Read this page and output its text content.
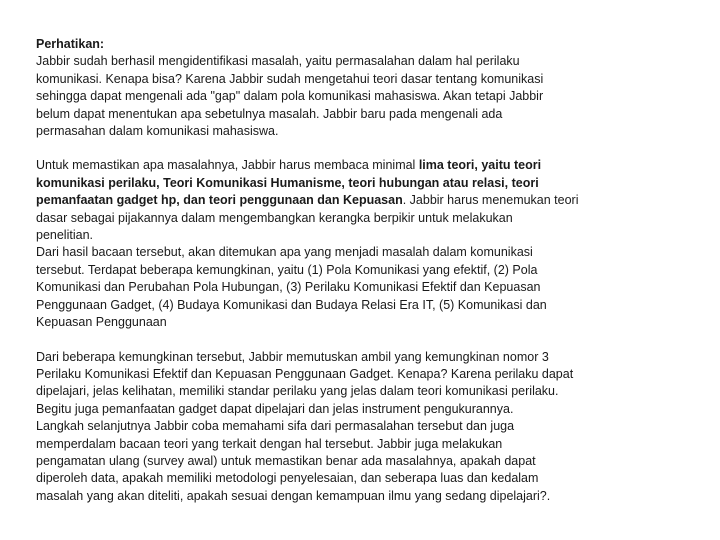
Perhatikan:
Jabbir sudah berhasil mengidentifikasi masalah, yaitu permasalahan dalam hal perilaku
komunikasi. Kenapa bisa? Karena Jabbir sudah mengetahui teori dasar tentang komunikasi
sehingga dapat mengenali ada "gap" dalam pola komunikasi mahasiswa. Akan tetapi Jabbir
belum dapat menentukan apa sebetulnya masalah. Jabbir baru pada mengenali ada
permasahan dalam komunikasi mahasiswa.
Untuk memastikan apa masalahnya, Jabbir harus membaca minimal lima teori, yaitu teori
komunikasi perilaku, Teori Komunikasi Humanisme, teori hubungan atau relasi, teori
pemanfaatan gadget hp, dan teori penggunaan dan Kepuasan. Jabbir harus menemukan teori
dasar sebagai pijakannya dalam mengembangkan kerangka berpikir untuk melakukan
penelitian.
Dari hasil bacaan tersebut, akan ditemukan apa yang menjadi masalah dalam komunikasi
tersebut. Terdapat beberapa kemungkinan, yaitu (1) Pola Komunikasi yang efektif, (2) Pola
Komunikasi dan Perubahan Pola Hubungan, (3) Perilaku Komunikasi Efektif dan Kepuasan
Penggunaan Gadget, (4) Budaya Komunikasi dan Budaya Relasi Era IT, (5) Komunikasi dan
Kepuasan Penggunaan
Dari beberapa kemungkinan tersebut, Jabbir memutuskan ambil yang kemungkinan nomor 3
Perilaku Komunikasi Efektif dan Kepuasan Penggunaan Gadget. Kenapa? Karena perilaku dapat
dipelajari, jelas kelihatan, memiliki standar perilaku yang jelas dalam teori komunikasi perilaku.
Begitu juga pemanfaatan gadget dapat dipelajari dan jelas instrument pengukurannya.
Langkah selanjutnya Jabbir coba memahami sifa dari permasalahan tersebut dan juga
memperdalam bacaan teori yang terkait dengan hal tersebut. Jabbir juga melakukan
pengamatan ulang (survey awal) untuk memastikan benar ada masalahnya, apakah dapat
diperoleh data, apakah memiliki metodologi penyelesaian, dan seberapa luas dan kedalam
masalah yang akan diteliti, apakah sesuai dengan kemampuan ilmu yang sedang dipelajari?.
